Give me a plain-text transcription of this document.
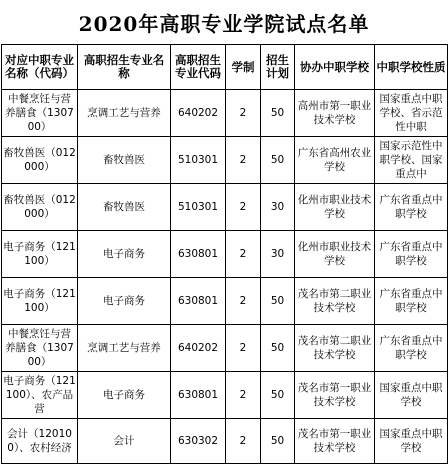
2020年高职专业学院试点名单
对应中职专业名称（代码）	高职招生专业名称	高职招生专业代码	学制	招生计划	协办中职学校	中职学校性质
中餐烹饪与营养膳食（130700）	烹调工艺与营养	640202	2	50	高州市第一职业技术学校	国家重点中职学校、省示范性中职

畜牧兽医（012000）	畜牧兽医	510301	2	50	广东省高州农业学校	国家示范性中职学校、国家重点中

畜牧兽医（012000）	畜牧兽医	510301	2	30	化州市职业技术学校	广东省重点中职学校

电子商务（121100）	电子商务	630801	2	30	化州市职业技术学校	广东省重点中职学校

电子商务（121100）	电子商务	630801	2	50	茂名市第二职业技术学校	广东省重点中职学校

中餐烹饪与营养膳食（130700）	烹调工艺与营养	640202	2	50	茂名市第二职业技术学校	广东省重点中职学校

电子商务（121100）、农产品营	电子商务	630801	2	50	茂名市第一职业技术学校	国家重点中职学校

会计（120100）、农村经济	会计	630302	2	50	茂名市第一职业技术学校	国家重点中职学校
